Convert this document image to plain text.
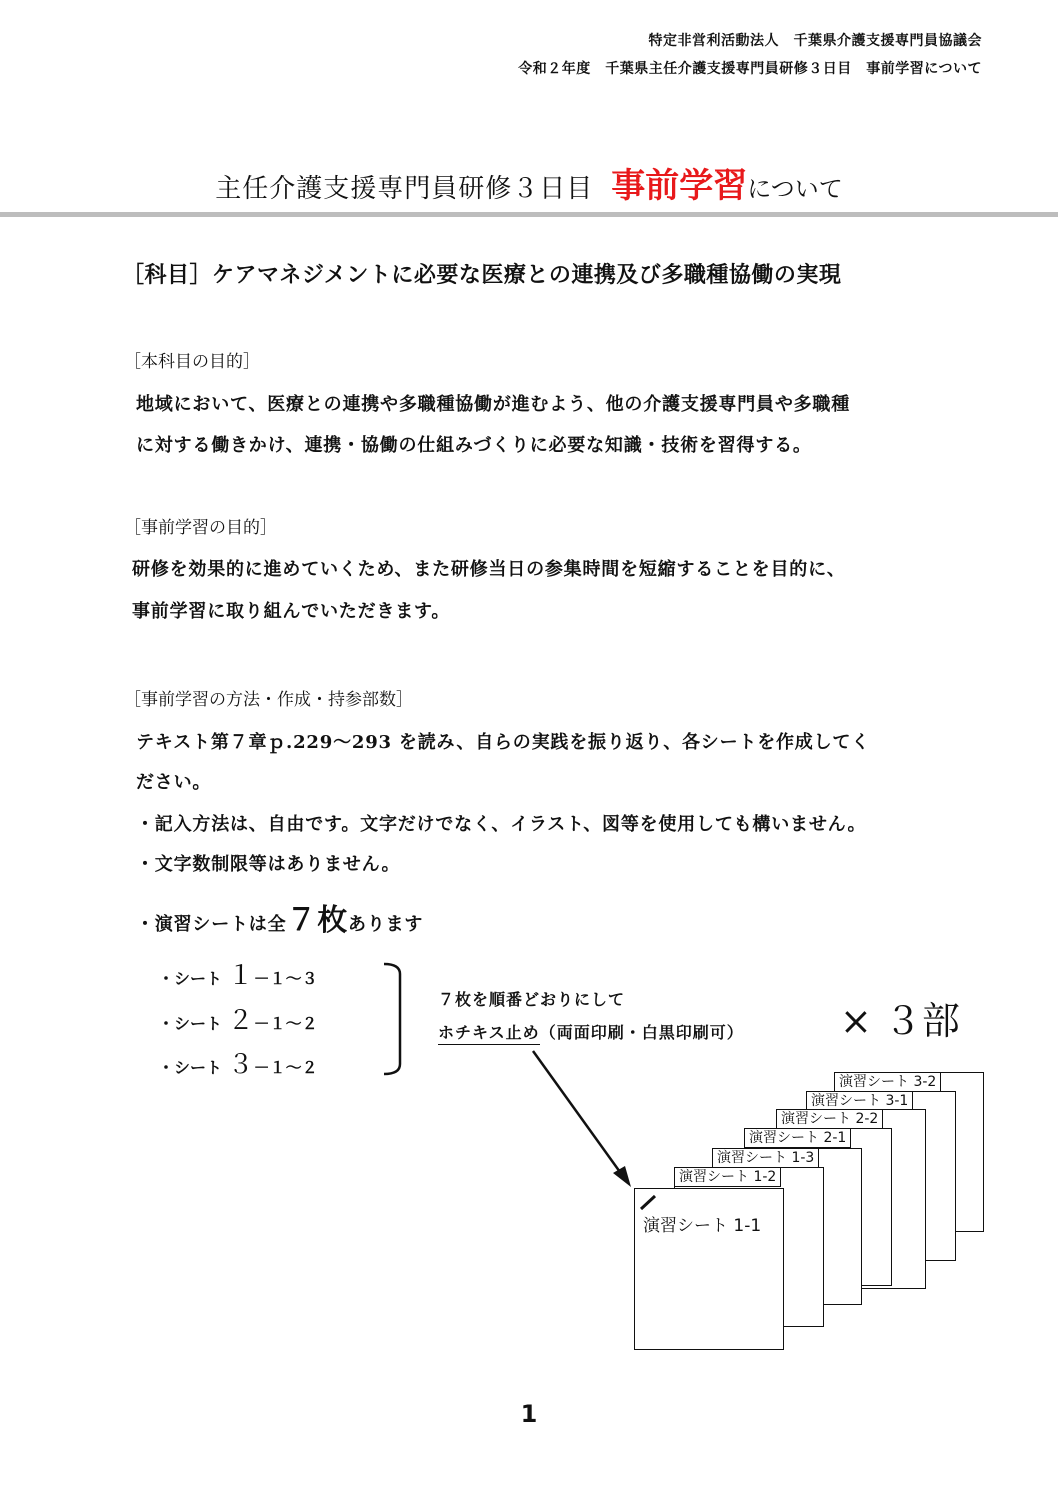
特定非営利活動法人　千葉県介護支援専門員協議会
令和２年度　千葉県主任介護支援専門員研修３日目　事前学習について
主任介護支援専門員研修３日目 事前学習について
［科目］ケアマネジメントに必要な医療との連携及び多職種協働の実現
［本科目の目的］
地域において、医療との連携や多職種協働が進むよう、他の介護支援専門員や多職種
に対する働きかけ、連携・協働の仕組みづくりに必要な知識・技術を習得する。
［事前学習の目的］
研修を効果的に進めていくため、また研修当日の参集時間を短縮することを目的に、
事前学習に取り組んでいただきます。
［事前学習の方法・作成・持参部数］
テキスト第７章ｐ.229～293 を読み、自らの実践を振り返り、各シートを作成してく
ださい。
・記入方法は、自由です。文字だけでなく、イラスト、図等を使用しても構いません。
・文字数制限等はありません。
・演習シートは全７枚あります
・シート １－１～３
・シート ２－１～２
・シート ３－１～２
７枚を順番どおりにして
ホチキス止め（両面印刷・白黒印刷可）	× ３部
演習シート 3-2
演習シート 3-1
演習シート 2-2
演習シート 2-1
演習シート 1-3
演習シート 1-2
演習シート 1-1
1
